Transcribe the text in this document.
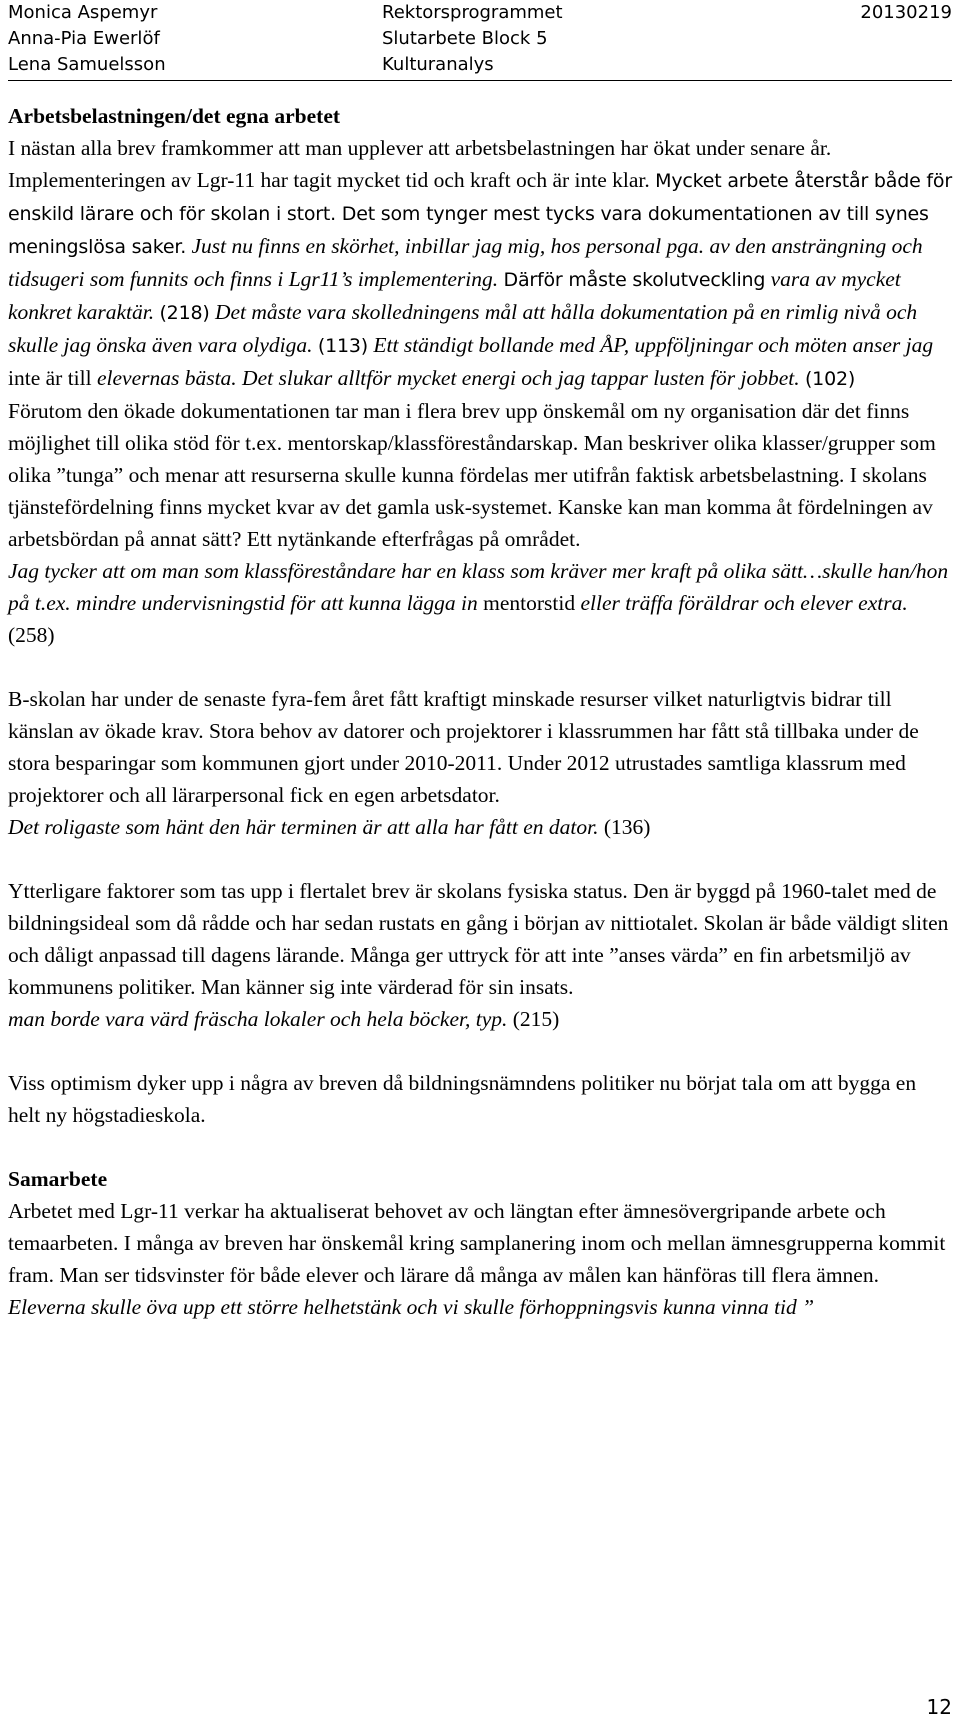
Monica Aspemyr
Anna-Pia Ewerlöf
Lena Samuelsson
Rektorsprogrammet
Slutarbete Block 5
Kulturanalys
20130219
Arbetsbelastningen/det egna arbetet

I nästan alla brev framkommer att man upplever att arbetsbelastningen har ökat under senare år. Implementeringen av Lgr-11 har tagit mycket tid och kraft och är inte klar. Mycket arbete återstår både för enskild lärare och för skolan i stort. Det som tynger mest tycks vara dokumentationen av till synes meningslösa saker. Just nu finns en skörhet, inbillar jag mig, hos personal pga. av den ansträngning och tidsugeri som funnits och finns i Lgr11’s implementering. Därför måste skolutveckling vara av mycket konkret karaktär. (218) Det måste vara skolledningens mål att hålla dokumentation på en rimlig nivå och skulle jag önska även vara olydiga. (113) Ett ständigt bollande med ÅP, uppföljningar och möten anser jag inte är till elevernas bästa. Det slukar alltför mycket energi och jag tappar lusten för jobbet. (102)
Förutom den ökade dokumentationen tar man i flera brev upp önskemål om ny organisation där det finns möjlighet till olika stöd för t.ex. mentorskap/klassföreståndarskap. Man beskriver olika klasser/grupper som olika ”tunga” och menar att resurserna skulle kunna fördelas mer utifrån faktisk arbetsbelastning. I skolans tjänstefördelning finns mycket kvar av det gamla usk-systemet. Kanske kan man komma åt fördelningen av arbetsbördan på annat sätt? Ett nytänkande efterfrågas på området.
Jag tycker att om man som klassföreståndare har en klass som kräver mer kraft på olika sätt…skulle han/hon på t.ex. mindre undervisningstid för att kunna lägga in mentorstid eller träffa föräldrar och elever extra. (258)

B-skolan har under de senaste fyra-fem året fått kraftigt minskade resurser vilket naturligtvis bidrar till känslan av ökade krav. Stora behov av datorer och projektorer i klassrummen har fått stå tillbaka under de stora besparingar som kommunen gjort under 2010-2011. Under 2012 utrustades samtliga klassrum med projektorer och all lärarpersonal fick en egen arbetsdator.
Det roligaste som hänt den här terminen är att alla har fått en dator. (136)

Ytterligare faktorer som tas upp i flertalet brev är skolans fysiska status. Den är byggd på 1960-talet med de bildningsideal som då rådde och har sedan rustats en gång i början av nittiotalet. Skolan är både väldigt sliten och dåligt anpassad till dagens lärande. Många ger uttryck för att inte ”anses värda” en fin arbetsmiljö av kommunens politiker. Man känner sig inte värderad för sin insats.
man borde vara värd fräscha lokaler och hela böcker, typ. (215)

Viss optimism dyker upp i några av breven då bildningsnämndens politiker nu börjat tala om att bygga en helt ny högstadieskola.

Samarbete

Arbetet med Lgr-11 verkar ha aktualiserat behovet av och längtan efter ämnesövergripande arbete och temaarbeten. I många av breven har önskemål kring samplanering inom och mellan ämnesgrupperna kommit fram. Man ser tidsvinster för både elever och lärare då många av målen kan hänföras till flera ämnen.
Eleverna skulle öva upp ett större helhetstänk och vi skulle förhoppningsvis kunna vinna tid ”

12
